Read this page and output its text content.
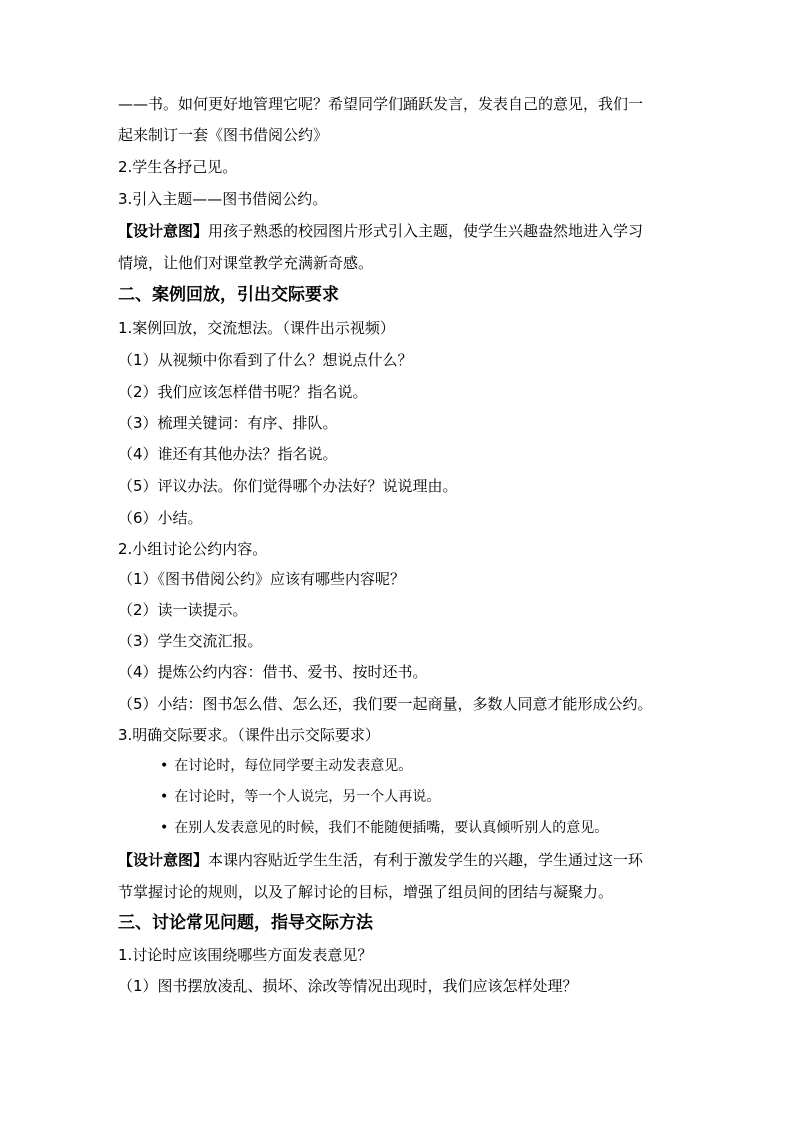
——书。如何更好地管理它呢？希望同学们踊跃发言，发表自己的意见，我们一
起来制订一套《图书借阅公约》
2.学生各抒己见。
3.引入主题——图书借阅公约。
【设计意图】用孩子熟悉的校园图片形式引入主题，使学生兴趣盎然地进入学习
情境，让他们对课堂教学充满新奇感。
二、案例回放，引出交际要求
1.案例回放，交流想法。（课件出示视频）
（1）从视频中你看到了什么？想说点什么？
（2）我们应该怎样借书呢？指名说。
（3）梳理关键词：有序、排队。
（4）谁还有其他办法？指名说。
（5）评议办法。你们觉得哪个办法好？说说理由。
（6）小结。
2.小组讨论公约内容。
（1）《图书借阅公约》应该有哪些内容呢？
（2）读一读提示。
（3）学生交流汇报。
（4）提炼公约内容：借书、爱书、按时还书。
（5）小结：图书怎么借、怎么还，我们要一起商量，多数人同意才能形成公约。
3.明确交际要求。（课件出示交际要求）
• 在讨论时，每位同学要主动发表意见。
• 在讨论时，等一个人说完，另一个人再说。
• 在别人发表意见的时候，我们不能随便插嘴，要认真倾听别人的意见。
【设计意图】本课内容贴近学生生活，有利于激发学生的兴趣，学生通过这一环
节掌握讨论的规则，以及了解讨论的目标，增强了组员间的团结与凝聚力。
三、讨论常见问题，指导交际方法
1.讨论时应该围绕哪些方面发表意见？
（1）图书摆放凌乱、损坏、涂改等情况出现时，我们应该怎样处理？
